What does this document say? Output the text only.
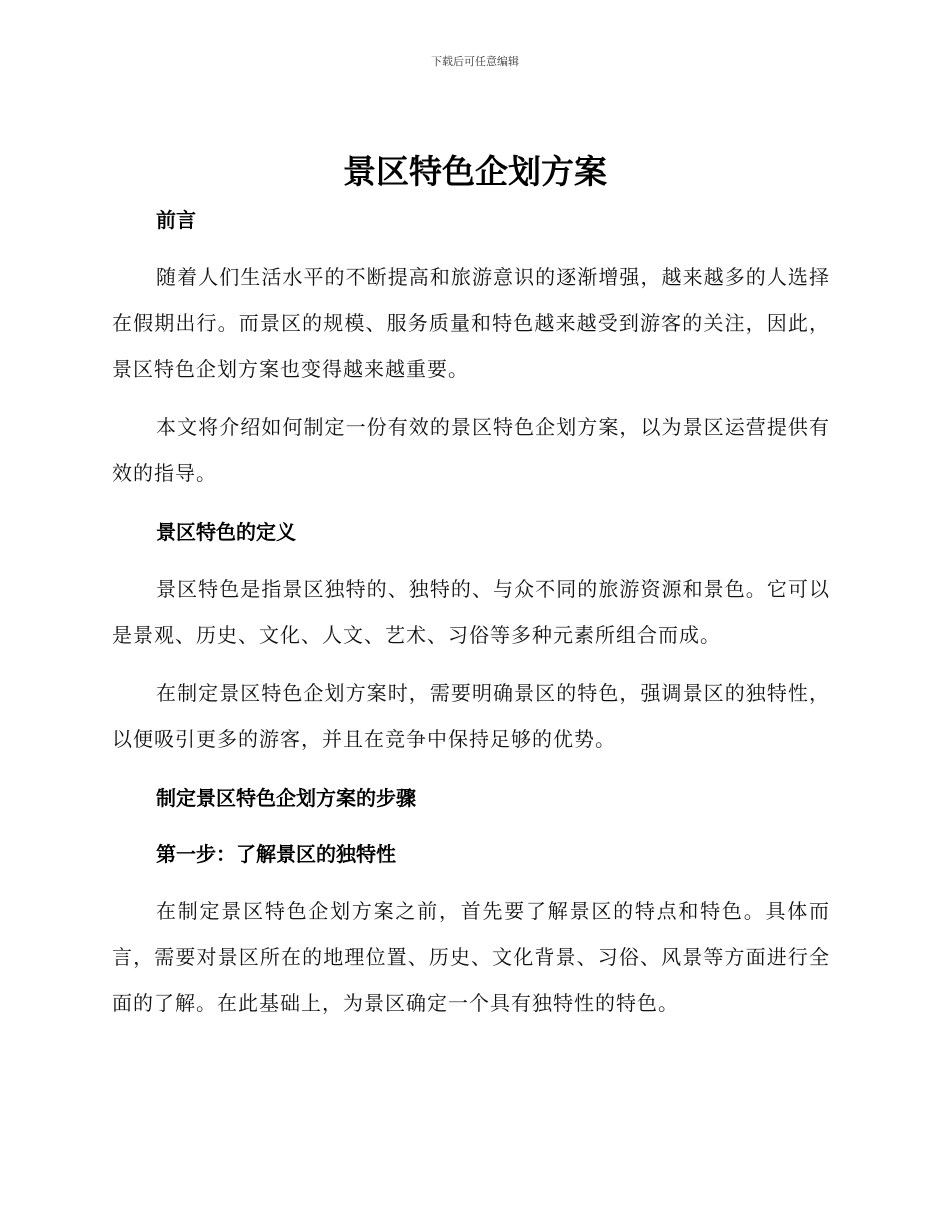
下载后可任意编辑
景区特色企划方案
前言

随着人们生活水平的不断提高和旅游意识的逐渐增强，越来越多的人选择在假期出行。而景区的规模、服务质量和特色越来越受到游客的关注，因此，景区特色企划方案也变得越来越重要。

本文将介绍如何制定一份有效的景区特色企划方案，以为景区运营提供有效的指导。

景区特色的定义

景区特色是指景区独特的、独特的、与众不同的旅游资源和景色。它可以是景观、历史、文化、人文、艺术、习俗等多种元素所组合而成。

在制定景区特色企划方案时，需要明确景区的特色，强调景区的独特性，以便吸引更多的游客，并且在竞争中保持足够的优势。

制定景区特色企划方案的步骤
第一步：了解景区的独特性

在制定景区特色企划方案之前，首先要了解景区的特点和特色。具体而言，需要对景区所在的地理位置、历史、文化背景、习俗、风景等方面进行全面的了解。在此基础上，为景区确定一个具有独特性的特色。
